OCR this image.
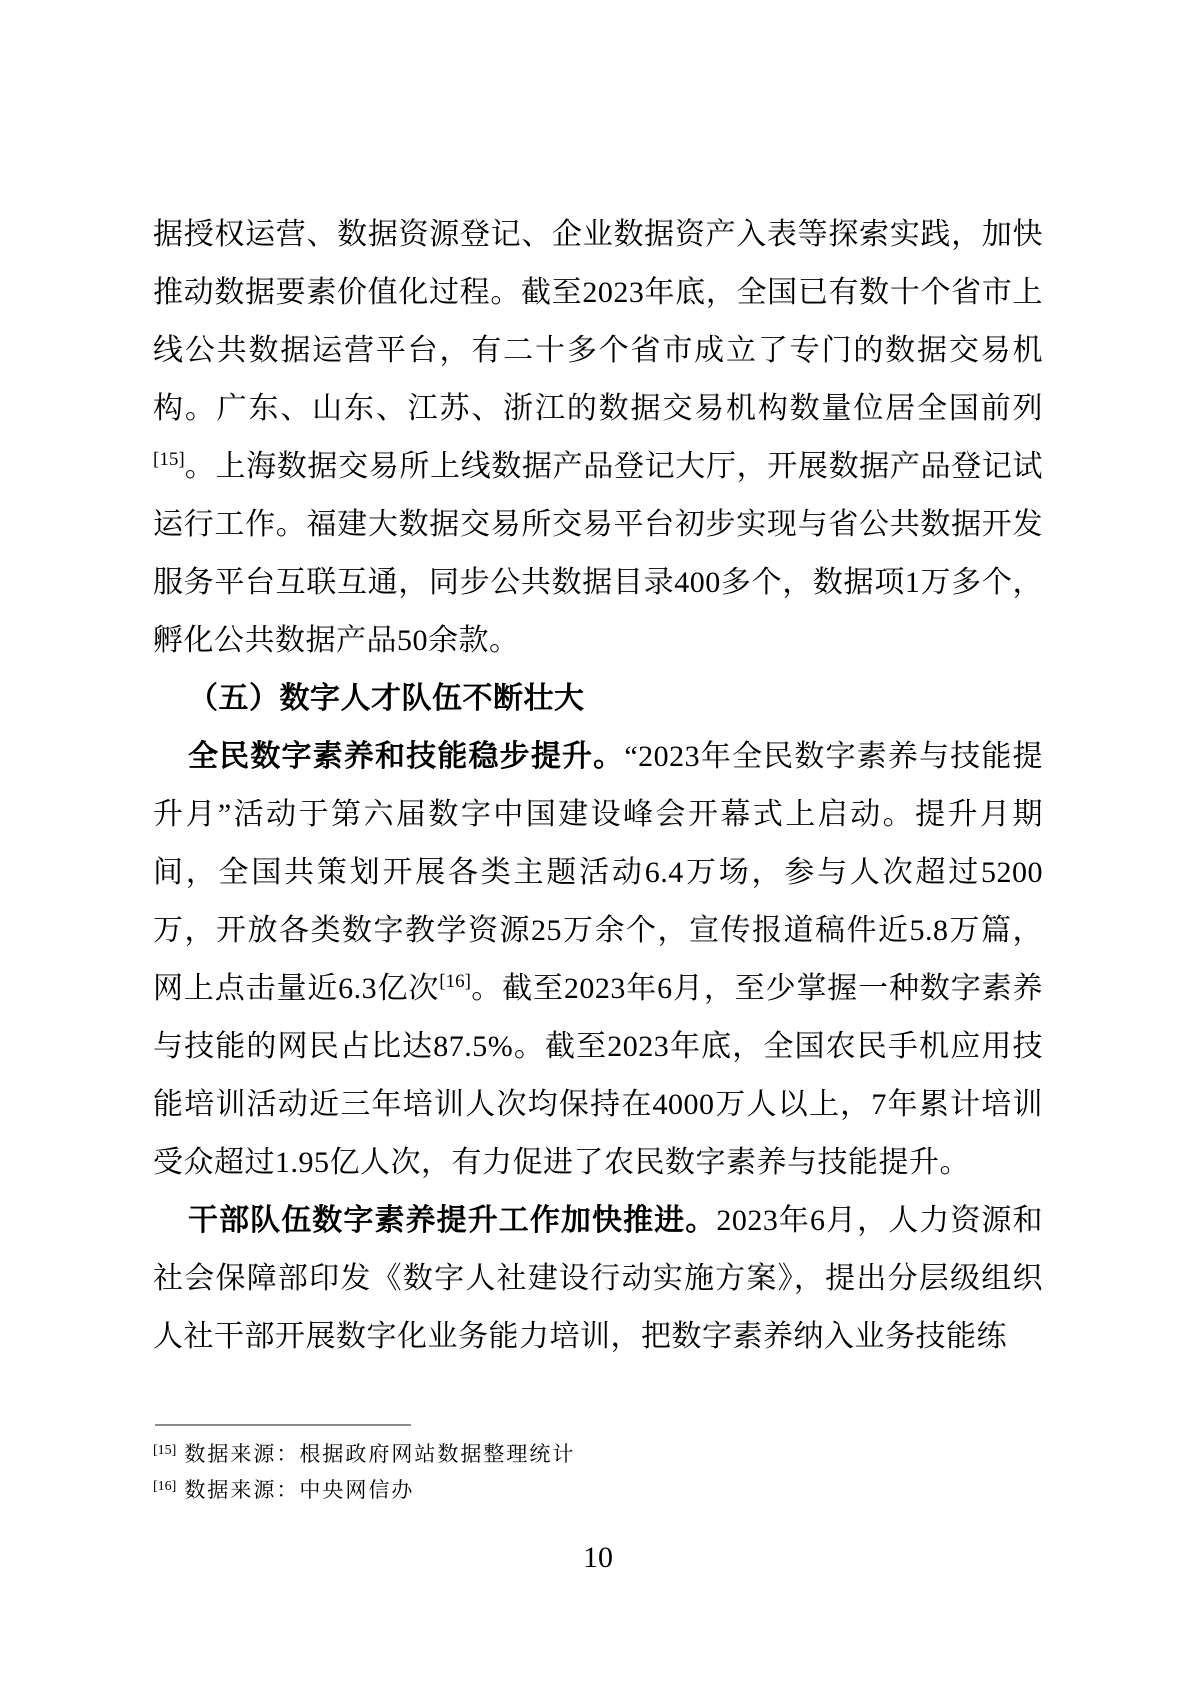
据授权运营、数据资源登记、企业数据资产入表等探索实践，加快推动数据要素价值化过程。截至2023年底，全国已有数十个省市上线公共数据运营平台，有二十多个省市成立了专门的数据交易机构。广东、山东、江苏、浙江的数据交易机构数量位居全国前列[15]。上海数据交易所上线数据产品登记大厅，开展数据产品登记试运行工作。福建大数据交易所交易平台初步实现与省公共数据开发服务平台互联互通，同步公共数据目录400多个，数据项1万多个，孵化公共数据产品50余款。

（五）数字人才队伍不断壮大

全民数字素养和技能稳步提升。“2023年全民数字素养与技能提升月”活动于第六届数字中国建设峰会开幕式上启动。提升月期间，全国共策划开展各类主题活动6.4万场，参与人次超过5200万，开放各类数字教学资源25万余个，宣传报道稿件近5.8万篇，网上点击量近6.3亿次[16]。截至2023年6月，至少掌握一种数字素养与技能的网民占比达87.5%。截至2023年底，全国农民手机应用技能培训活动近三年培训人次均保持在4000万人以上，7年累计培训受众超过1.95亿人次，有力促进了农民数字素养与技能提升。

干部队伍数字素养提升工作加快推进。2023年6月，人力资源和社会保障部印发《数字人社建设行动实施方案》，提出分层级组织人社干部开展数字化业务能力培训，把数字素养纳入业务技能练

[15] 数据来源：根据政府网站数据整理统计
[16] 数据来源：中央网信办
10
